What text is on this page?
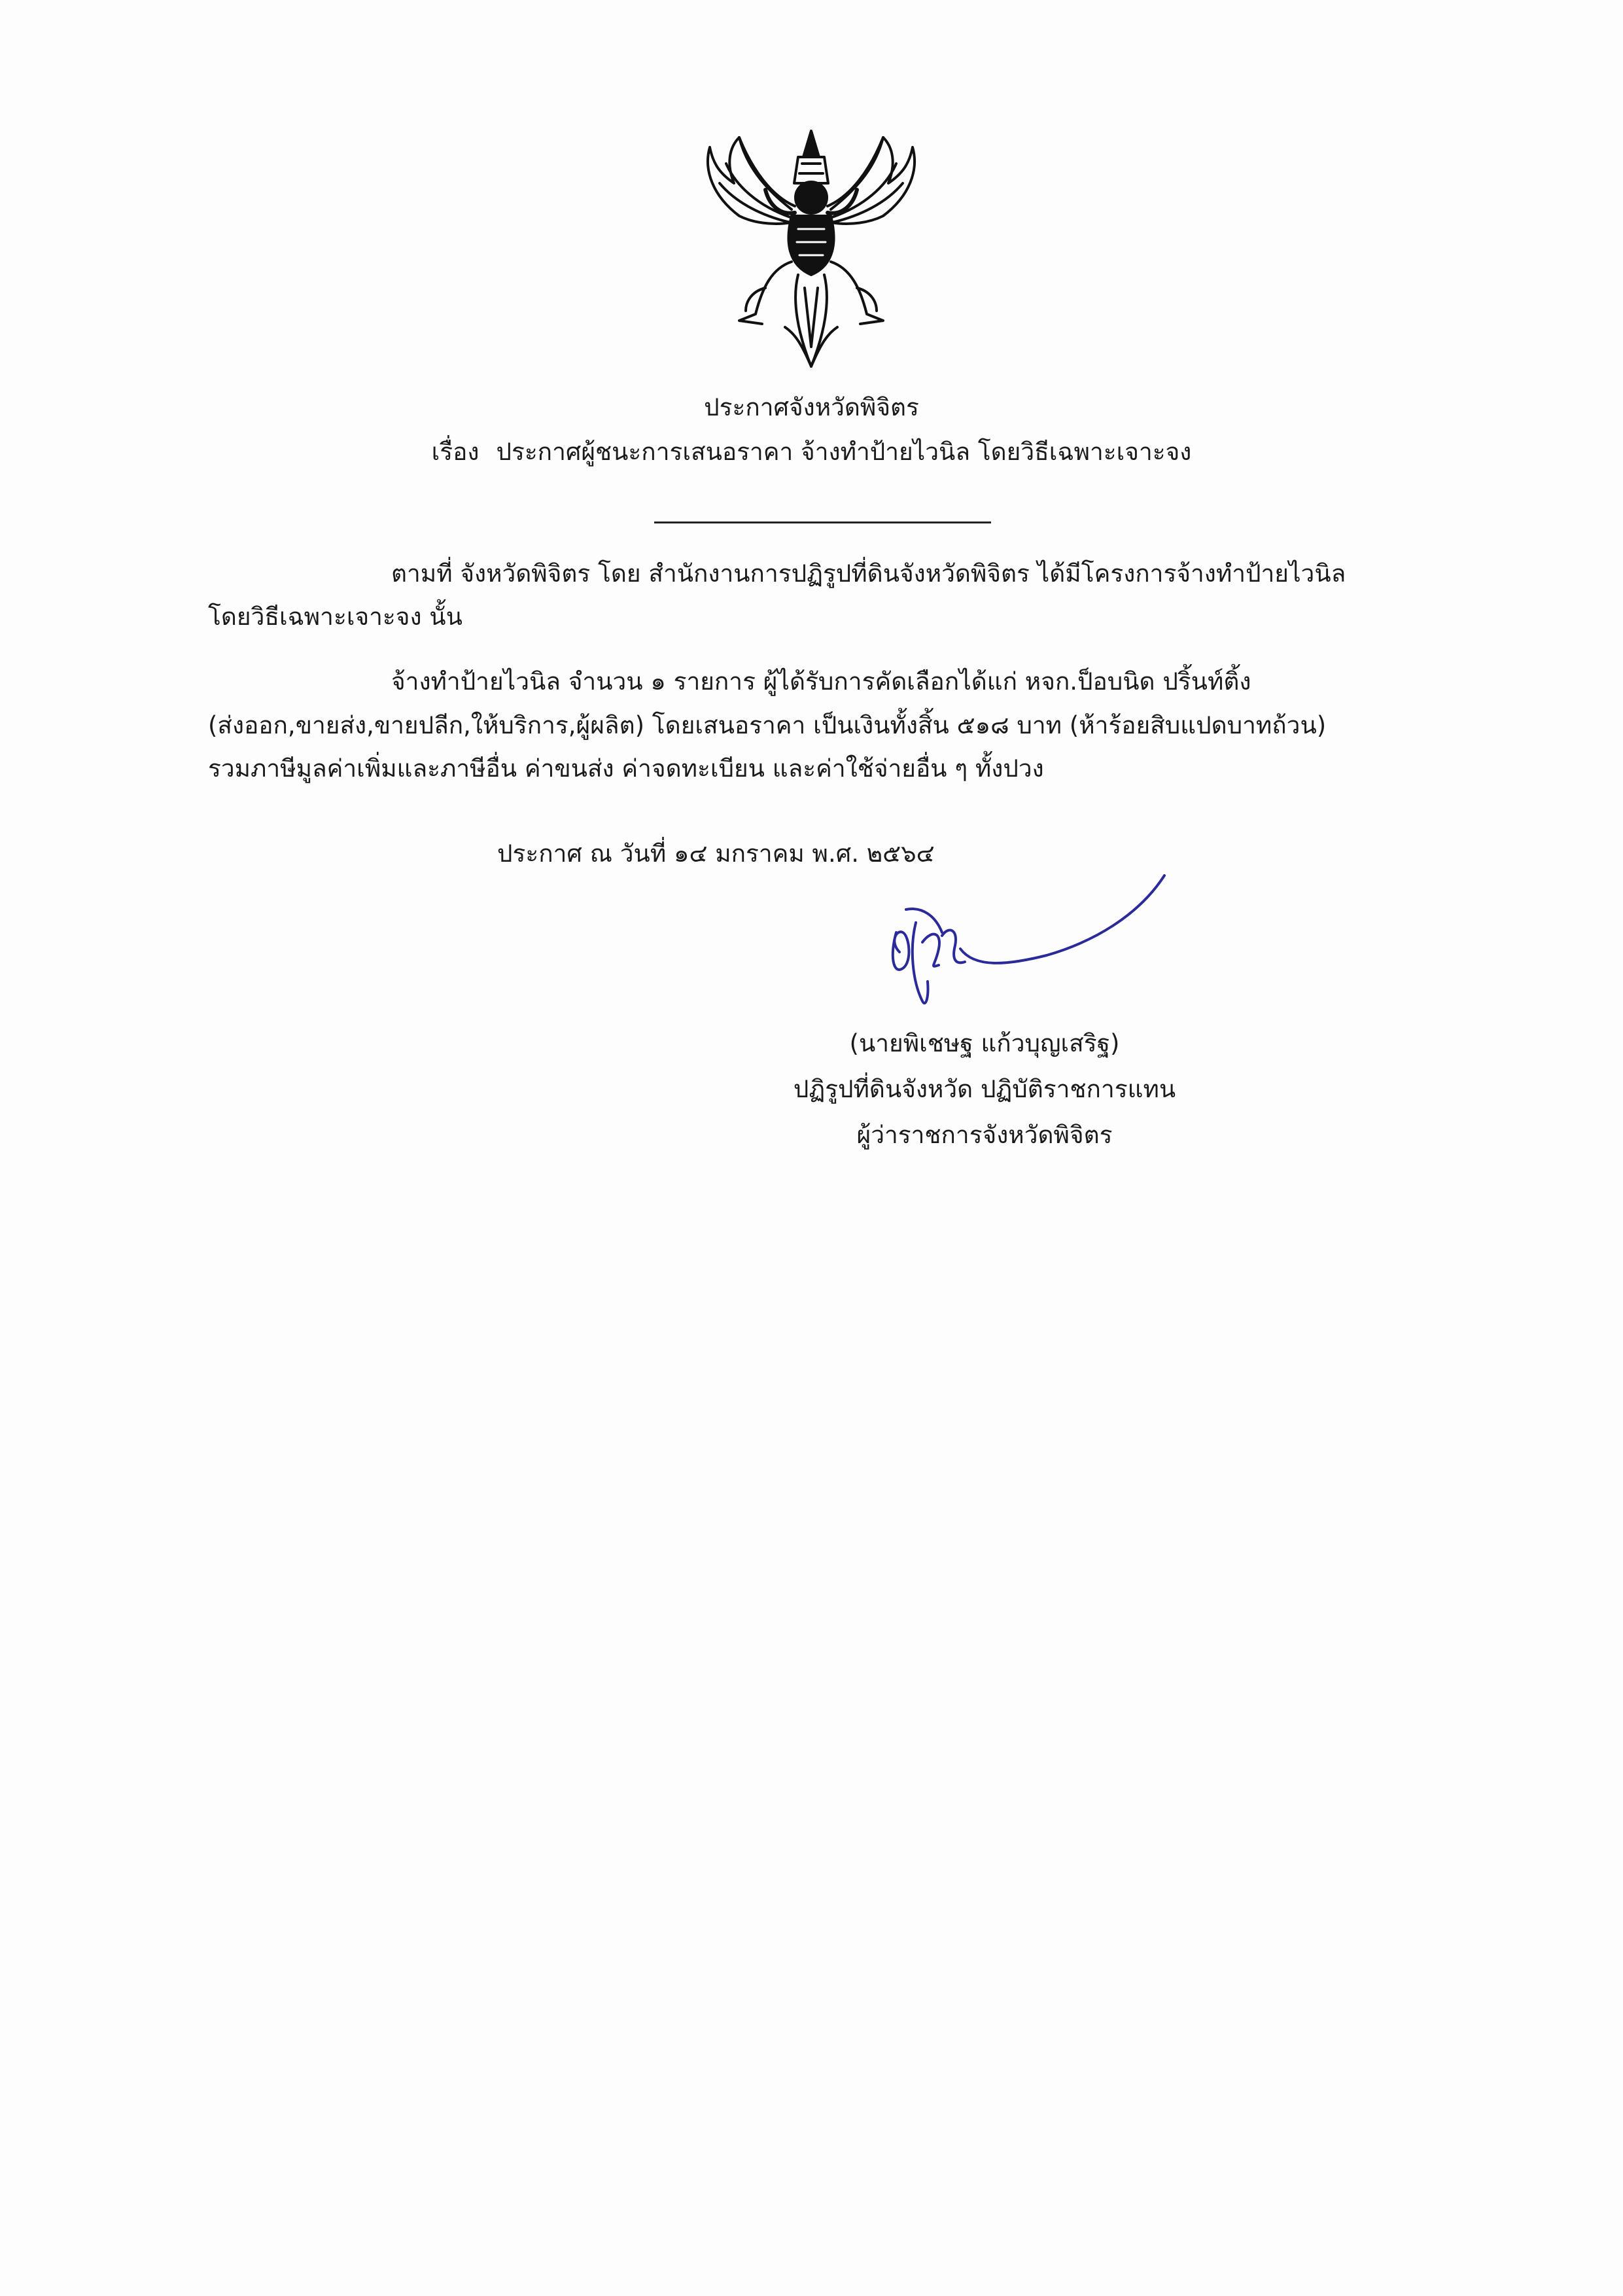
ประกาศจังหวัดพิจิตร
เรื่อง ประกาศผู้ชนะการเสนอราคา จ้างทำป้ายไวนิล โดยวิธีเฉพาะเจาะจง
ตามที่ จังหวัดพิจิตร โดย สำนักงานการปฏิรูปที่ดินจังหวัดพิจิตร ได้มีโครงการจ้างทำป้ายไวนิล
โดยวิธีเฉพาะเจาะจง นั้น
จ้างทำป้ายไวนิล จำนวน ๑ รายการ ผู้ได้รับการคัดเลือกได้แก่ หจก.ป็อบนิด ปริ้นท์ติ้ง
(ส่งออก,ขายส่ง,ขายปลีก,ให้บริการ,ผู้ผลิต) โดยเสนอราคา เป็นเงินทั้งสิ้น ๕๑๘ บาท (ห้าร้อยสิบแปดบาทถ้วน)
รวมภาษีมูลค่าเพิ่มและภาษีอื่น ค่าขนส่ง ค่าจดทะเบียน และค่าใช้จ่ายอื่น ๆ ทั้งปวง
ประกาศ ณ วันที่ ๑๔ มกราคม พ.ศ. ๒๕๖๔
(นายพิเชษฐ แก้วบุญเสริฐ)
ปฏิรูปที่ดินจังหวัด ปฏิบัติราชการแทน
ผู้ว่าราชการจังหวัดพิจิตร
